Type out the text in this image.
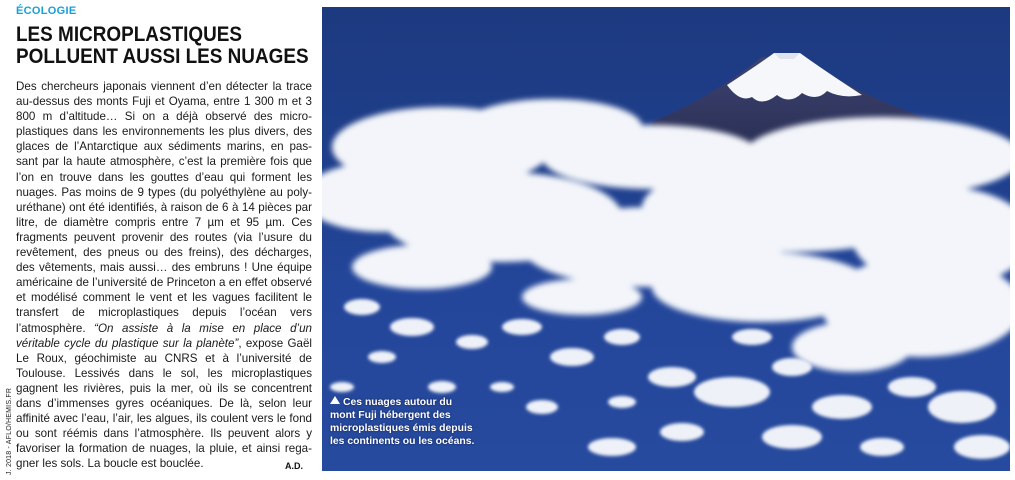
J. 2018 - AFLO/HEMIS.FR
ÉCOLOGIE
LES MICROPLASTIQUES
POLLUENT AUSSI LES NUAGES
Des chercheurs japonais viennent d’en détecter la trace au-dessus des monts Fuji et Oyama, entre 1 300 m et 3 800 m d’altitude… Si on a déjà observé des micro-plastiques dans les environnements les plus divers, des glaces de l’Antarctique aux sédiments marins, en pas-sant par la haute atmosphère, c’est la première fois que l’on en trouve dans les gouttes d’eau qui forment les nuages. Pas moins de 9 types (du polyéthylène au poly-uréthane) ont été identifiés, à raison de 6 à 14 pièces par litre, de diamètre compris entre 7 µm et 95 µm. Ces fragments peuvent provenir des routes (via l’usure du revêtement, des pneus ou des freins), des décharges, des vêtements, mais aussi… des embruns ! Une équipe américaine de l’université de Princeton a en effet observé et modélisé comment le vent et les vagues facilitent le transfert de microplastiques depuis l’océan vers l’atmosphère. “On assiste à la mise en place d’un véritable cycle du plastique sur la planète”, expose Gaël Le Roux, géochimiste au CNRS et à l’université de Toulouse. Lessivés dans le sol, les microplastiques gagnent les rivières, puis la mer, où ils se concentrent dans d’immenses gyres océaniques. De là, selon leur affinité avec l’eau, l’air, les algues, ils coulent vers le fond ou sont réémis dans l’atmosphère. Ils peuvent alors y favoriser la formation de nuages, la pluie, et ainsi rega-gner les sols. La boucle est bouclée.	A.D.
Ces nuages autour du mont Fuji hébergent des microplastiques émis depuis les continents ou les océans.
